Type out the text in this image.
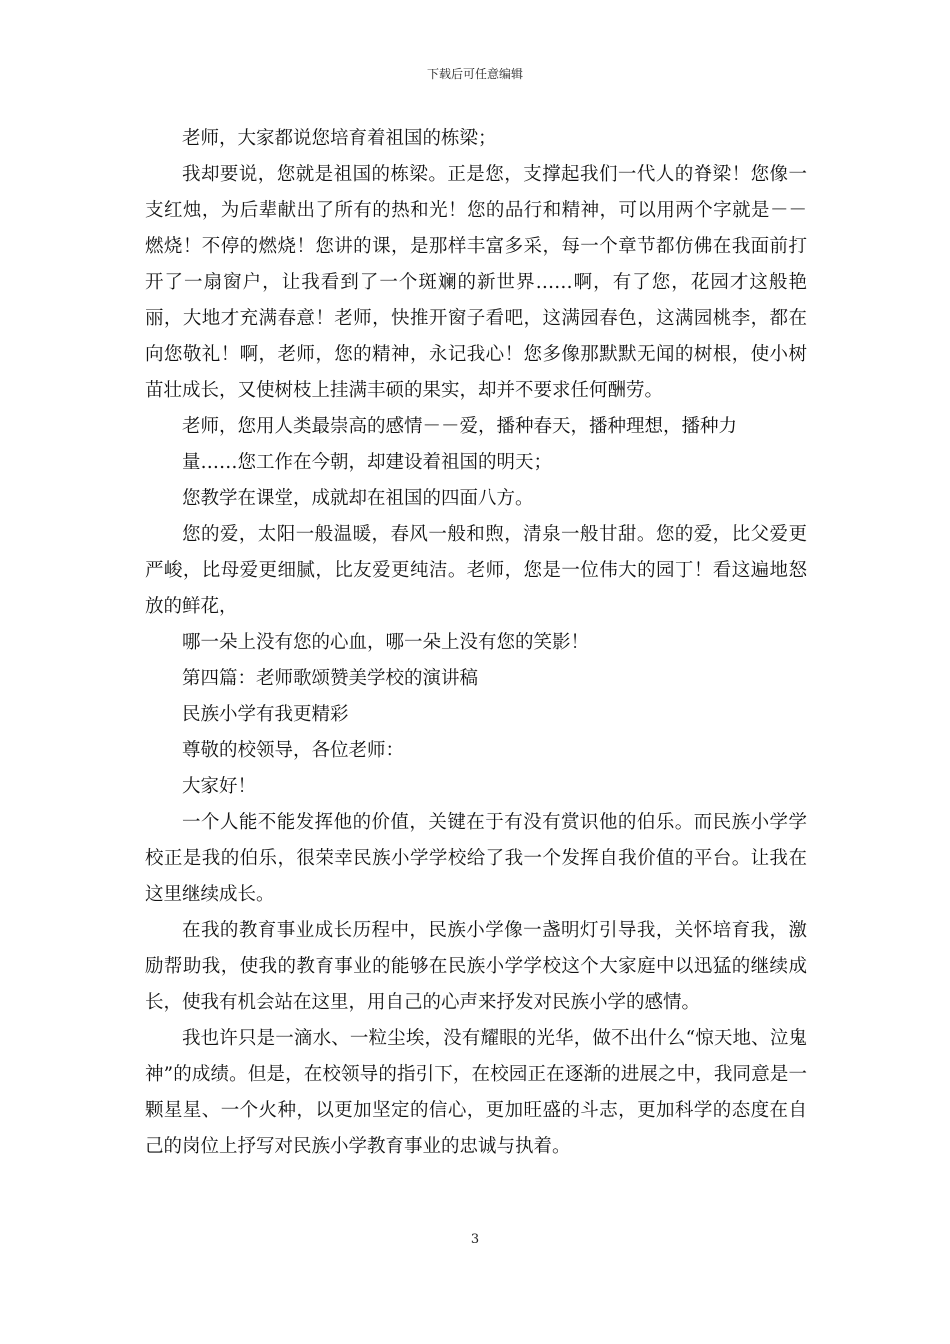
下载后可任意编辑

老师，大家都说您培育着祖国的栋梁；

我却要说，您就是祖国的栋梁。正是您，支撑起我们一代人的脊梁！您像一支红烛，为后辈献出了所有的热和光！您的品行和精神，可以用两个字就是－－燃烧！不停的燃烧！您讲的课，是那样丰富多采，每一个章节都仿佛在我面前打开了一扇窗户，让我看到了一个斑斓的新世界……啊，有了您，花园才这般艳丽，大地才充满春意！老师，快推开窗子看吧，这满园春色，这满园桃李，都在向您敬礼！啊，老师，您的精神，永记我心！您多像那默默无闻的树根，使小树苗壮成长，又使树枝上挂满丰硕的果实，却并不要求任何酬劳。

老师，您用人类最崇高的感情－－爱，播种春天，播种理想，播种力

量……您工作在今朝，却建设着祖国的明天；

您教学在课堂，成就却在祖国的四面八方。

您的爱，太阳一般温暖，春风一般和煦，清泉一般甘甜。您的爱，比父爱更严峻，比母爱更细腻，比友爱更纯洁。老师，您是一位伟大的园丁！看这遍地怒放的鲜花，

哪一朵上没有您的心血，哪一朵上没有您的笑影！

第四篇：老师歌颂赞美学校的演讲稿

民族小学有我更精彩

尊敬的校领导，各位老师：

大家好！

一个人能不能发挥他的价值，关键在于有没有赏识他的伯乐。而民族小学学校正是我的伯乐，很荣幸民族小学学校给了我一个发挥自我价值的平台。让我在这里继续成长。

在我的教育事业成长历程中，民族小学像一盏明灯引导我，关怀培育我，激励帮助我，使我的教育事业的能够在民族小学学校这个大家庭中以迅猛的继续成长，使我有机会站在这里，用自己的心声来抒发对民族小学的感情。

我也许只是一滴水、一粒尘埃，没有耀眼的光华，做不出什么“惊天地、泣鬼神”的成绩。但是，在校领导的指引下，在校园正在逐渐的进展之中，我同意是一颗星星、一个火种，以更加坚定的信心，更加旺盛的斗志，更加科学的态度在自己的岗位上抒写对民族小学教育事业的忠诚与执着。

3
